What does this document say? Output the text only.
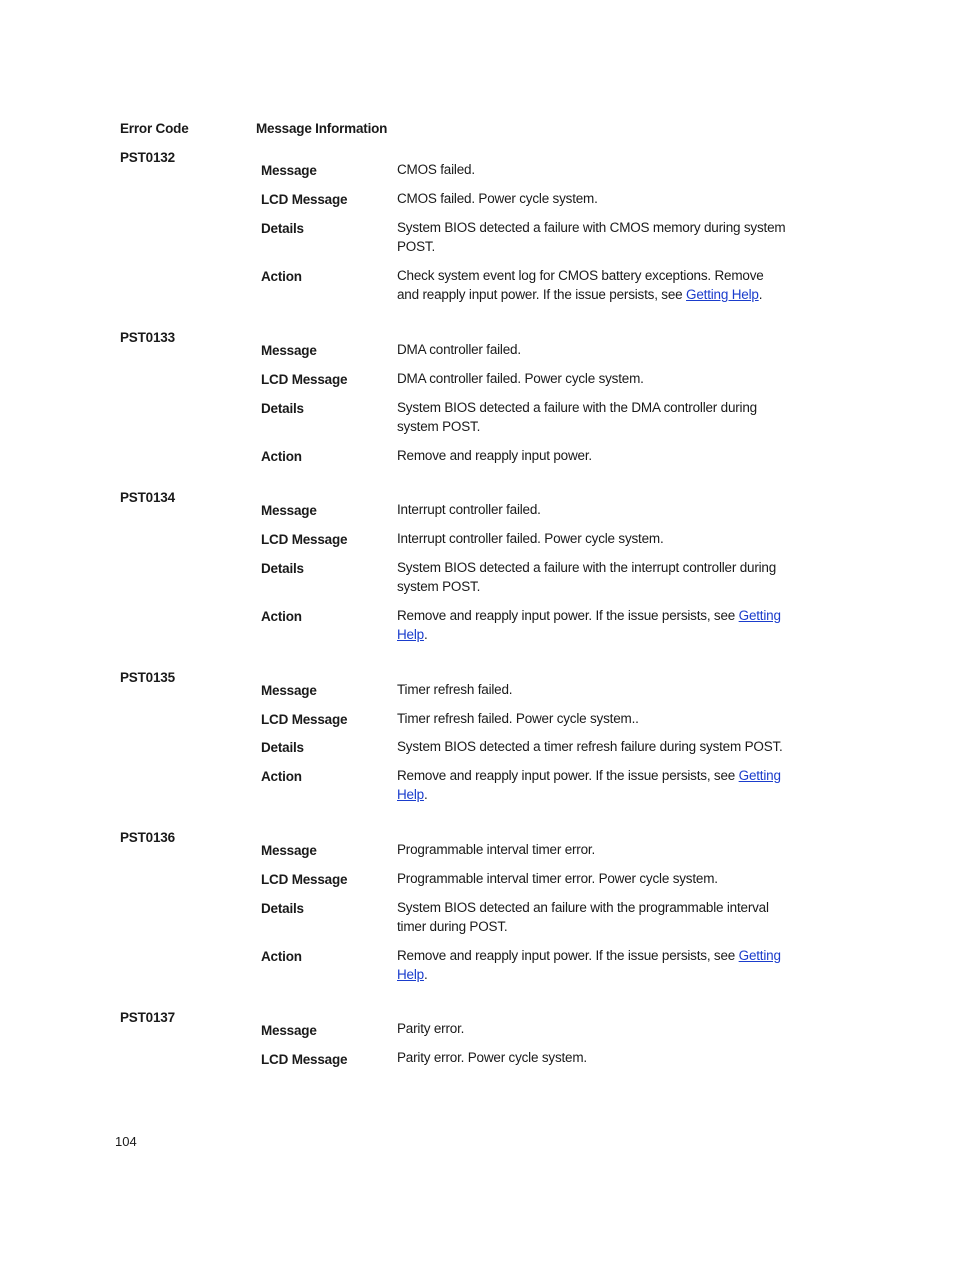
Error Code	Message Information
PST0132
Message	CMOS failed.
LCD Message	CMOS failed. Power cycle system.
Details	System BIOS detected a failure with CMOS memory during system POST.
Action	Check system event log for CMOS battery exceptions. Remove and reapply input power. If the issue persists, see Getting Help.
PST0133
Message	DMA controller failed.
LCD Message	DMA controller failed. Power cycle system.
Details	System BIOS detected a failure with the DMA controller during system POST.
Action	Remove and reapply input power.
PST0134
Message	Interrupt controller failed.
LCD Message	Interrupt controller failed. Power cycle system.
Details	System BIOS detected a failure with the interrupt controller during system POST.
Action	Remove and reapply input power. If the issue persists, see Getting Help.
PST0135
Message	Timer refresh failed.
LCD Message	Timer refresh failed. Power cycle system..
Details	System BIOS detected a timer refresh failure during system POST.
Action	Remove and reapply input power. If the issue persists, see Getting Help.
PST0136
Message	Programmable interval timer error.
LCD Message	Programmable interval timer error. Power cycle system.
Details	System BIOS detected an failure with the programmable interval timer during POST.
Action	Remove and reapply input power. If the issue persists, see Getting Help.
PST0137
Message	Parity error.
LCD Message	Parity error. Power cycle system.
104
